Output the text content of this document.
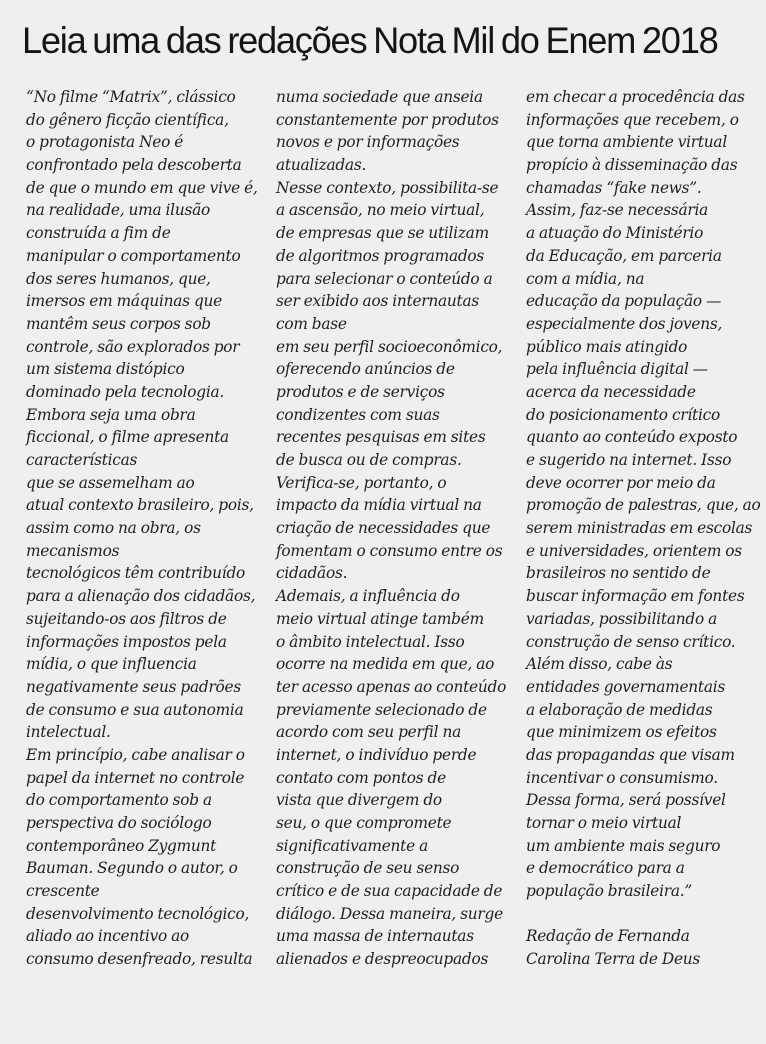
Leia uma das redações Nota Mil do Enem 2018
“No filme “Matrix”, clássico
do gênero ficção científica,
o protagonista Neo é
confrontado pela descoberta
de que o mundo em que vive é,
na realidade, uma ilusão
construída a fim de
manipular o comportamento
dos seres humanos, que,
imersos em máquinas que
mantêm seus corpos sob
controle, são explorados por
um sistema distópico
dominado pela tecnologia.
Embora seja uma obra
ficcional, o filme apresenta
características
que se assemelham ao
atual contexto brasileiro, pois,
assim como na obra, os
mecanismos
tecnológicos têm contribuído
para a alienação dos cidadãos,
sujeitando-os aos filtros de
informações impostos pela
mídia, o que influencia
negativamente seus padrões
de consumo e sua autonomia
intelectual.
Em princípio, cabe analisar o
papel da internet no controle
do comportamento sob a
perspectiva do sociólogo
contemporâneo Zygmunt
Bauman. Segundo o autor, o
crescente
desenvolvimento tecnológico,
aliado ao incentivo ao
consumo desenfreado, resulta
numa sociedade que anseia
constantemente por produtos
novos e por informações
atualizadas.
Nesse contexto, possibilita-se
a ascensão, no meio virtual,
de empresas que se utilizam
de algoritmos programados
para selecionar o conteúdo a
ser exibido aos internautas
com base
em seu perfil socioeconômico,
oferecendo anúncios de
produtos e de serviços
condizentes com suas
recentes pesquisas em sites
de busca ou de compras.
Verifica-se, portanto, o
impacto da mídia virtual na
criação de necessidades que
fomentam o consumo entre os
cidadãos.
Ademais, a influência do
meio virtual atinge também
o âmbito intelectual. Isso
ocorre na medida em que, ao
ter acesso apenas ao conteúdo
previamente selecionado de
acordo com seu perfil na
internet, o indivíduo perde
contato com pontos de
vista que divergem do
seu, o que compromete
significativamente a
construção de seu senso
crítico e de sua capacidade de
diálogo. Dessa maneira, surge
uma massa de internautas
alienados e despreocupados
em checar a procedência das
informações que recebem, o
que torna ambiente virtual
propício à disseminação das
chamadas “fake news”.
Assim, faz-se necessária
a atuação do Ministério
da Educação, em parceria
com a mídia, na
educação da população —
especialmente dos jovens,
público mais atingido
pela influência digital —
acerca da necessidade
do posicionamento crítico
quanto ao conteúdo exposto
e sugerido na internet. Isso
deve ocorrer por meio da
promoção de palestras, que, ao
serem ministradas em escolas
e universidades, orientem os
brasileiros no sentido de
buscar informação em fontes
variadas, possibilitando a
construção de senso crítico.
Além disso, cabe às
entidades governamentais
a elaboração de medidas
que minimizem os efeitos
das propagandas que visam
incentivar o consumismo.
Dessa forma, será possível
tornar o meio virtual
um ambiente mais seguro
e democrático para a
população brasileira.”

Redação de Fernanda
Carolina Terra de Deus
